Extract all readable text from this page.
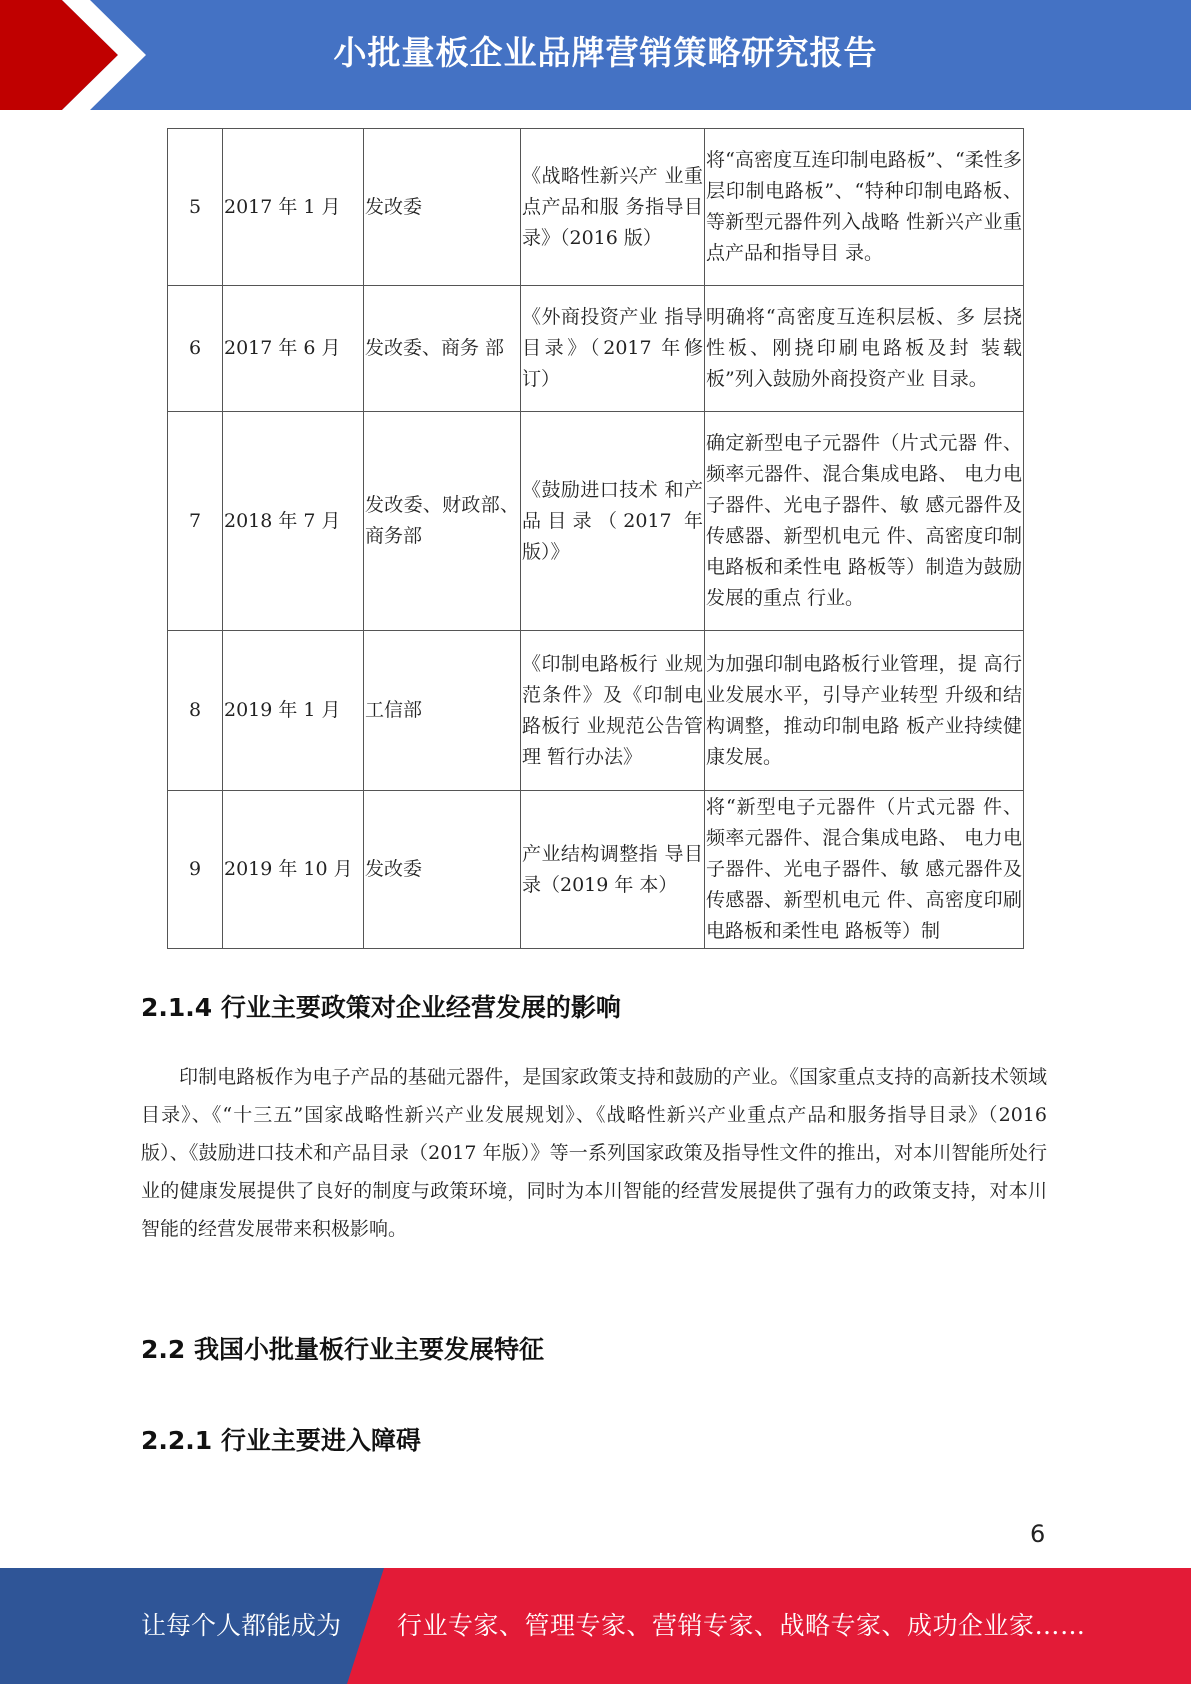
小批量板企业品牌营销策略研究报告
5	2017 年 1 月	发改委	《战略性新兴产 业重点产品和服 务指导目录》（2016 版）	将“高密度互连印制电路板”、“柔性多层印制电路板”、“特种印制电路板、等新型元器件列入战略 性新兴产业重点产品和指导目 录。
6	2017 年 6 月	发改委、商务 部	《外商投资产业 指导目录》（2017 年修订）	明确将“高密度互连积层板、多 层挠性板、刚挠印刷电路板及封 装载板”列入鼓励外商投资产业 目录。
7	2018 年 7 月	发改委、财政部、商务部	《鼓励进口技术 和产品目录（2017 年版）》	确定新型电子元器件（片式元器 件、频率元器件、混合集成电路、 电力电子器件、光电子器件、敏 感元器件及传感器、新型机电元 件、高密度印制电路板和柔性电 路板等）制造为鼓励发展的重点 行业。
8	2019 年 1 月	工信部	《印制电路板行 业规范条件》及《印制电路板行 业规范公告管理 暂行办法》	为加强印制电路板行业管理，提 高行业发展水平，引导产业转型 升级和结构调整，推动印制电路 板产业持续健康发展。
9	2019 年 10 月	发改委	产业结构调整指 导目录（2019 年 本）	将“新型电子元器件（片式元器 件、频率元器件、混合集成电路、 电力电子器件、光电子器件、敏 感元器件及传感器、新型机电元 件、高密度印刷电路板和柔性电 路板等）制
2.1.4 行业主要政策对企业经营发展的影响
印制电路板作为电子产品的基础元器件，是国家政策支持和鼓励的产业。《国家重点支持的高新技术领域目录》、《“十三五”国家战略性新兴产业发展规划》、《战略性新兴产业重点产品和服务指导目录》（2016 版）、《鼓励进口技术和产品目录（2017 年版）》等一系列国家政策及指导性文件的推出，对本川智能所处行业的健康发展提供了良好的制度与政策环境，同时为本川智能的经营发展提供了强有力的政策支持，对本川智能的经营发展带来积极影响。
2.2 我国小批量板行业主要发展特征
2.2.1 行业主要进入障碍
6
让每个人都能成为 行业专家、管理专家、营销专家、战略专家、成功企业家……
